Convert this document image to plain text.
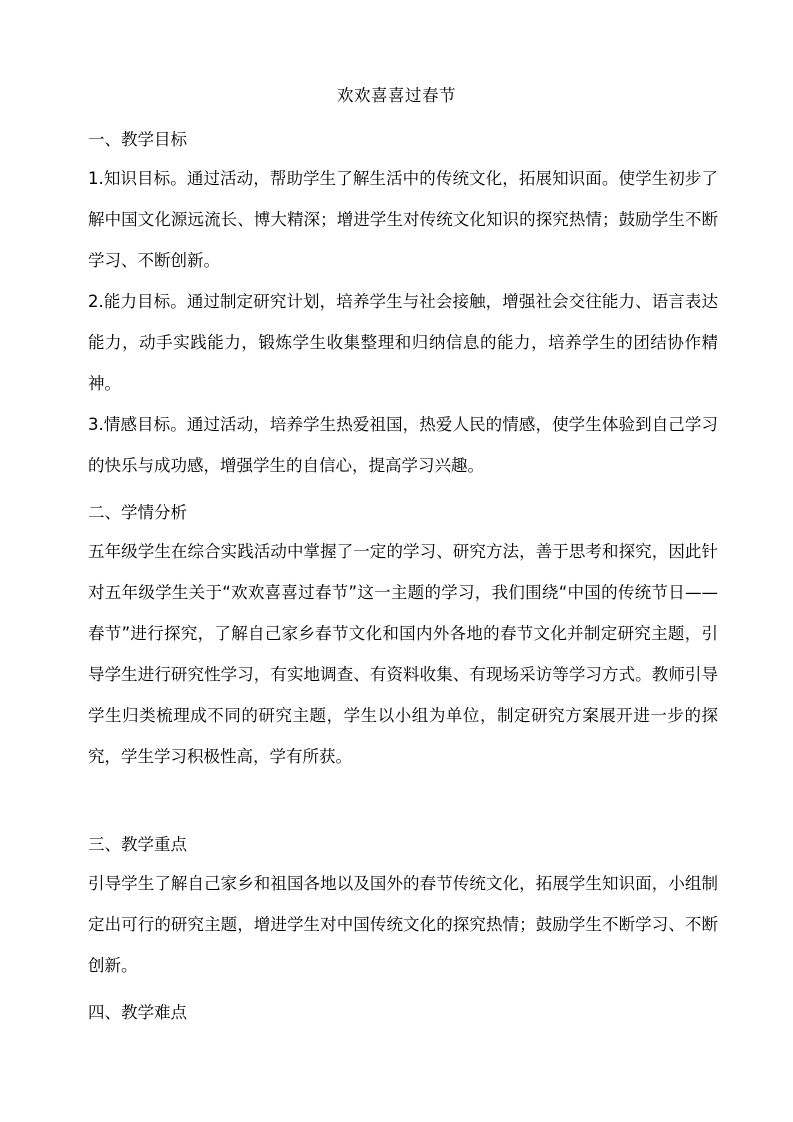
欢欢喜喜过春节
一、教学目标

1.知识目标。通过活动，帮助学生了解生活中的传统文化，拓展知识面。使学生初步了解中国文化源远流长、博大精深；增进学生对传统文化知识的探究热情；鼓励学生不断学习、不断创新。

2.能力目标。通过制定研究计划，培养学生与社会接触，增强社会交往能力、语言表达能力，动手实践能力，锻炼学生收集整理和归纳信息的能力，培养学生的团结协作精神。

3.情感目标。通过活动，培养学生热爱祖国，热爱人民的情感，使学生体验到自己学习的快乐与成功感，增强学生的自信心，提高学习兴趣。

二、学情分析

五年级学生在综合实践活动中掌握了一定的学习、研究方法，善于思考和探究，因此针对五年级学生关于“欢欢喜喜过春节”这一主题的学习，我们围绕“中国的传统节日——春节”进行探究，了解自己家乡春节文化和国内外各地的春节文化并制定研究主题，引导学生进行研究性学习，有实地调查、有资料收集、有现场采访等学习方式。教师引导学生归类梳理成不同的研究主题，学生以小组为单位，制定研究方案展开进一步的探究，学生学习积极性高，学有所获。

三、教学重点

引导学生了解自己家乡和祖国各地以及国外的春节传统文化，拓展学生知识面，小组制定出可行的研究主题，增进学生对中国传统文化的探究热情；鼓励学生不断学习、不断创新。

四、教学难点
